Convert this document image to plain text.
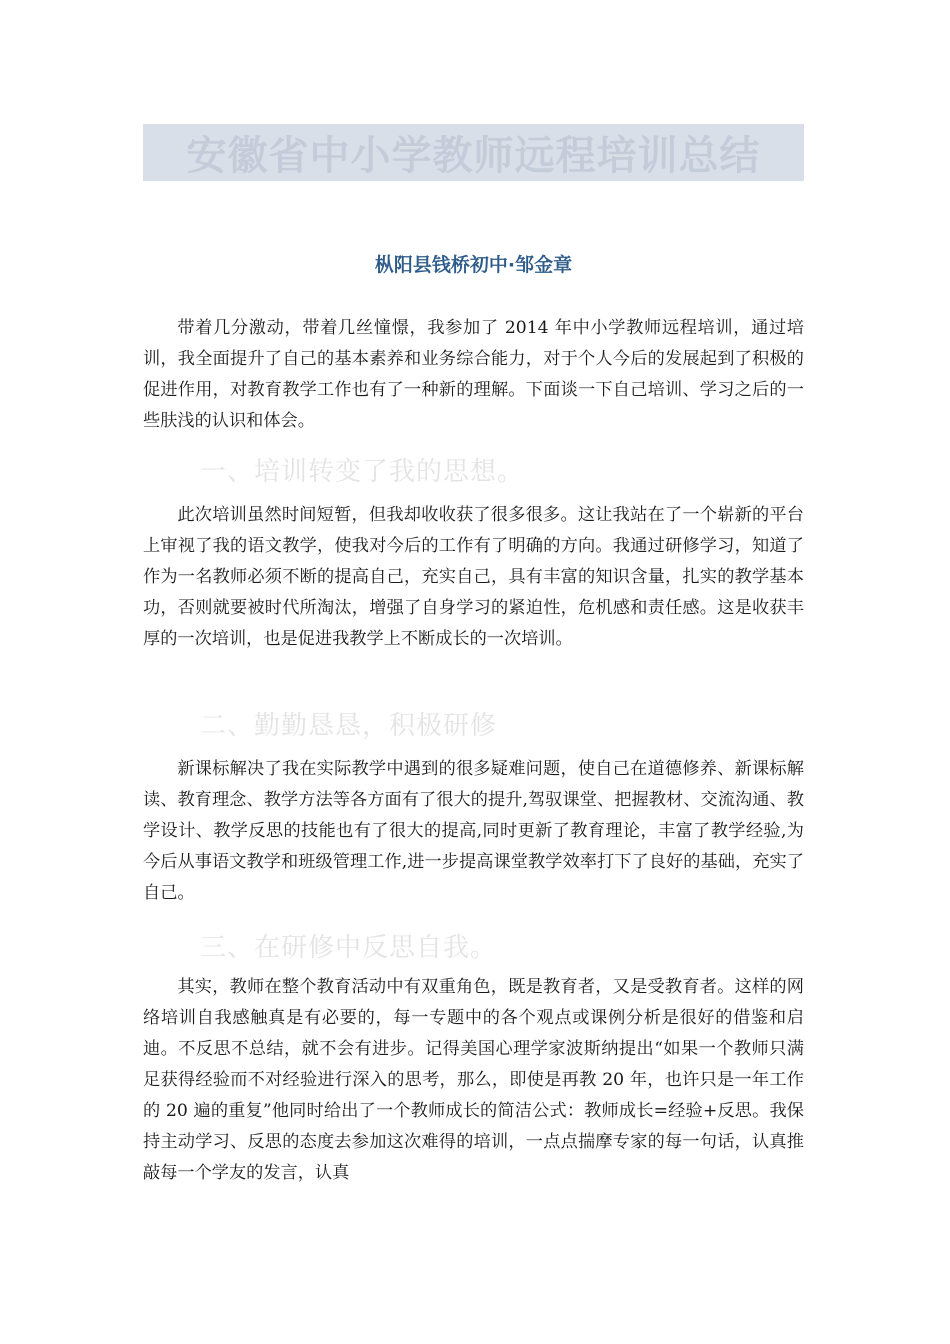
安徽省中小学教师远程培训总结
枞阳县钱桥初中·邹金章

带着几分激动，带着几丝憧憬，我参加了 2014 年中小学教师远程培训，通过培训，我全面提升了自己的基本素养和业务综合能力，对于个人今后的发展起到了积极的促进作用，对教育教学工作也有了一种新的理解。下面谈一下自己培训、学习之后的一些肤浅的认识和体会。

一、培训转变了我的思想。

此次培训虽然时间短暂，但我却收收获了很多很多。这让我站在了一个崭新的平台上审视了我的语文教学，使我对今后的工作有了明确的方向。我通过研修学习，知道了作为一名教师必须不断的提高自己，充实自己，具有丰富的知识含量，扎实的教学基本功，否则就要被时代所淘汰，增强了自身学习的紧迫性，危机感和责任感。这是收获丰厚的一次培训，也是促进我教学上不断成长的一次培训。

二、勤勤恳恳，积极研修

新课标解决了我在实际教学中遇到的很多疑难问题，使自己在道德修养、新课标解读、教育理念、教学方法等各方面有了很大的提升,驾驭课堂、把握教材、交流沟通、教学设计、教学反思的技能也有了很大的提高,同时更新了教育理论，丰富了教学经验,为今后从事语文教学和班级管理工作,进一步提高课堂教学效率打下了良好的基础，充实了自己。

三、在研修中反思自我。

其实，教师在整个教育活动中有双重角色，既是教育者，又是受教育者。这样的网络培训自我感触真是有必要的，每一专题中的各个观点或课例分析是很好的借鉴和启迪。不反思不总结，就不会有进步。记得美国心理学家波斯纳提出“如果一个教师只满足获得经验而不对经验进行深入的思考，那么，即使是再教 20 年，也许只是一年工作的 20 遍的重复”他同时给出了一个教师成长的简洁公式：教师成长=经验+反思。我保持主动学习、反思的态度去参加这次难得的培训，一点点揣摩专家的每一句话，认真推敲每一个学友的发言，认真
